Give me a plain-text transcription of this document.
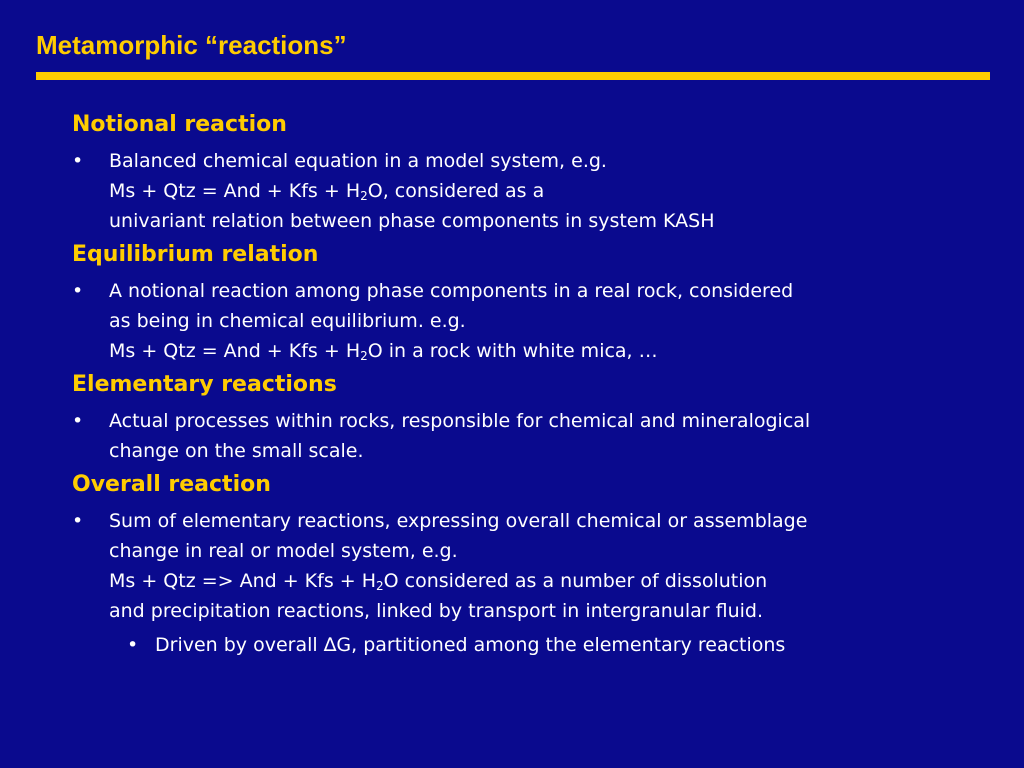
Metamorphic “reactions”
Notional reaction
• Balanced chemical equation in a model system, e.g.
Ms + Qtz = And + Kfs + $H_2O$, considered as a
univariant relation between phase components in system KASH
Equilibrium relation
• A notional reaction among phase components in a real rock, considered
as being in chemical equilibrium. e.g.
Ms + Qtz = And + Kfs + $H_2O$ in a rock with white mica, …
Elementary reactions
• Actual processes within rocks, responsible for chemical and mineralogical
change on the small scale.
Overall reaction
• Sum of elementary reactions, expressing overall chemical or assemblage
change in real or model system, e.g.
Ms + Qtz => And + Kfs + $H_2O$ considered as a number of dissolution
and precipitation reactions, linked by transport in intergranular fluid.
• Driven by overall ∆G, partitioned among the elementary reactions
